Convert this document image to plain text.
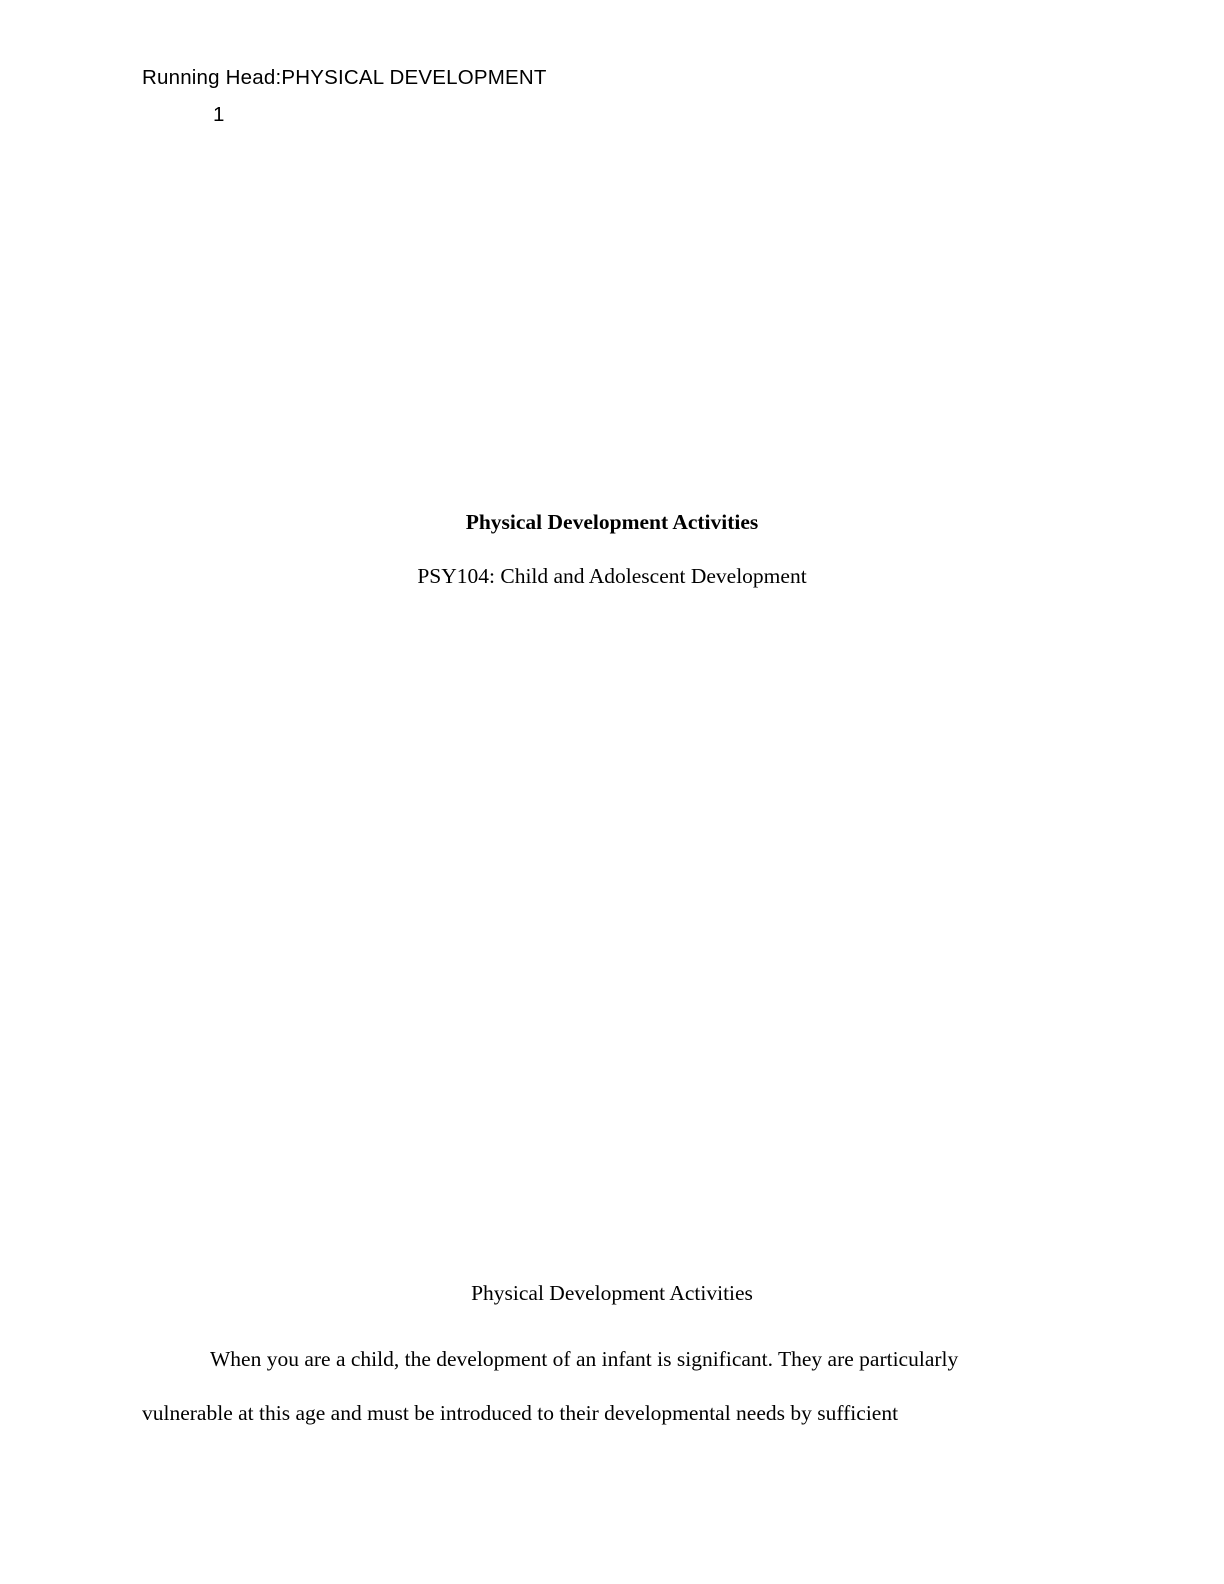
Running Head:PHYSICAL DEVELOPMENT
1
Physical Development Activities
PSY104: Child and Adolescent Development
Physical Development Activities
When you are a child, the development of an infant is significant. They are particularly
vulnerable at this age and must be introduced to their developmental needs by sufficient
